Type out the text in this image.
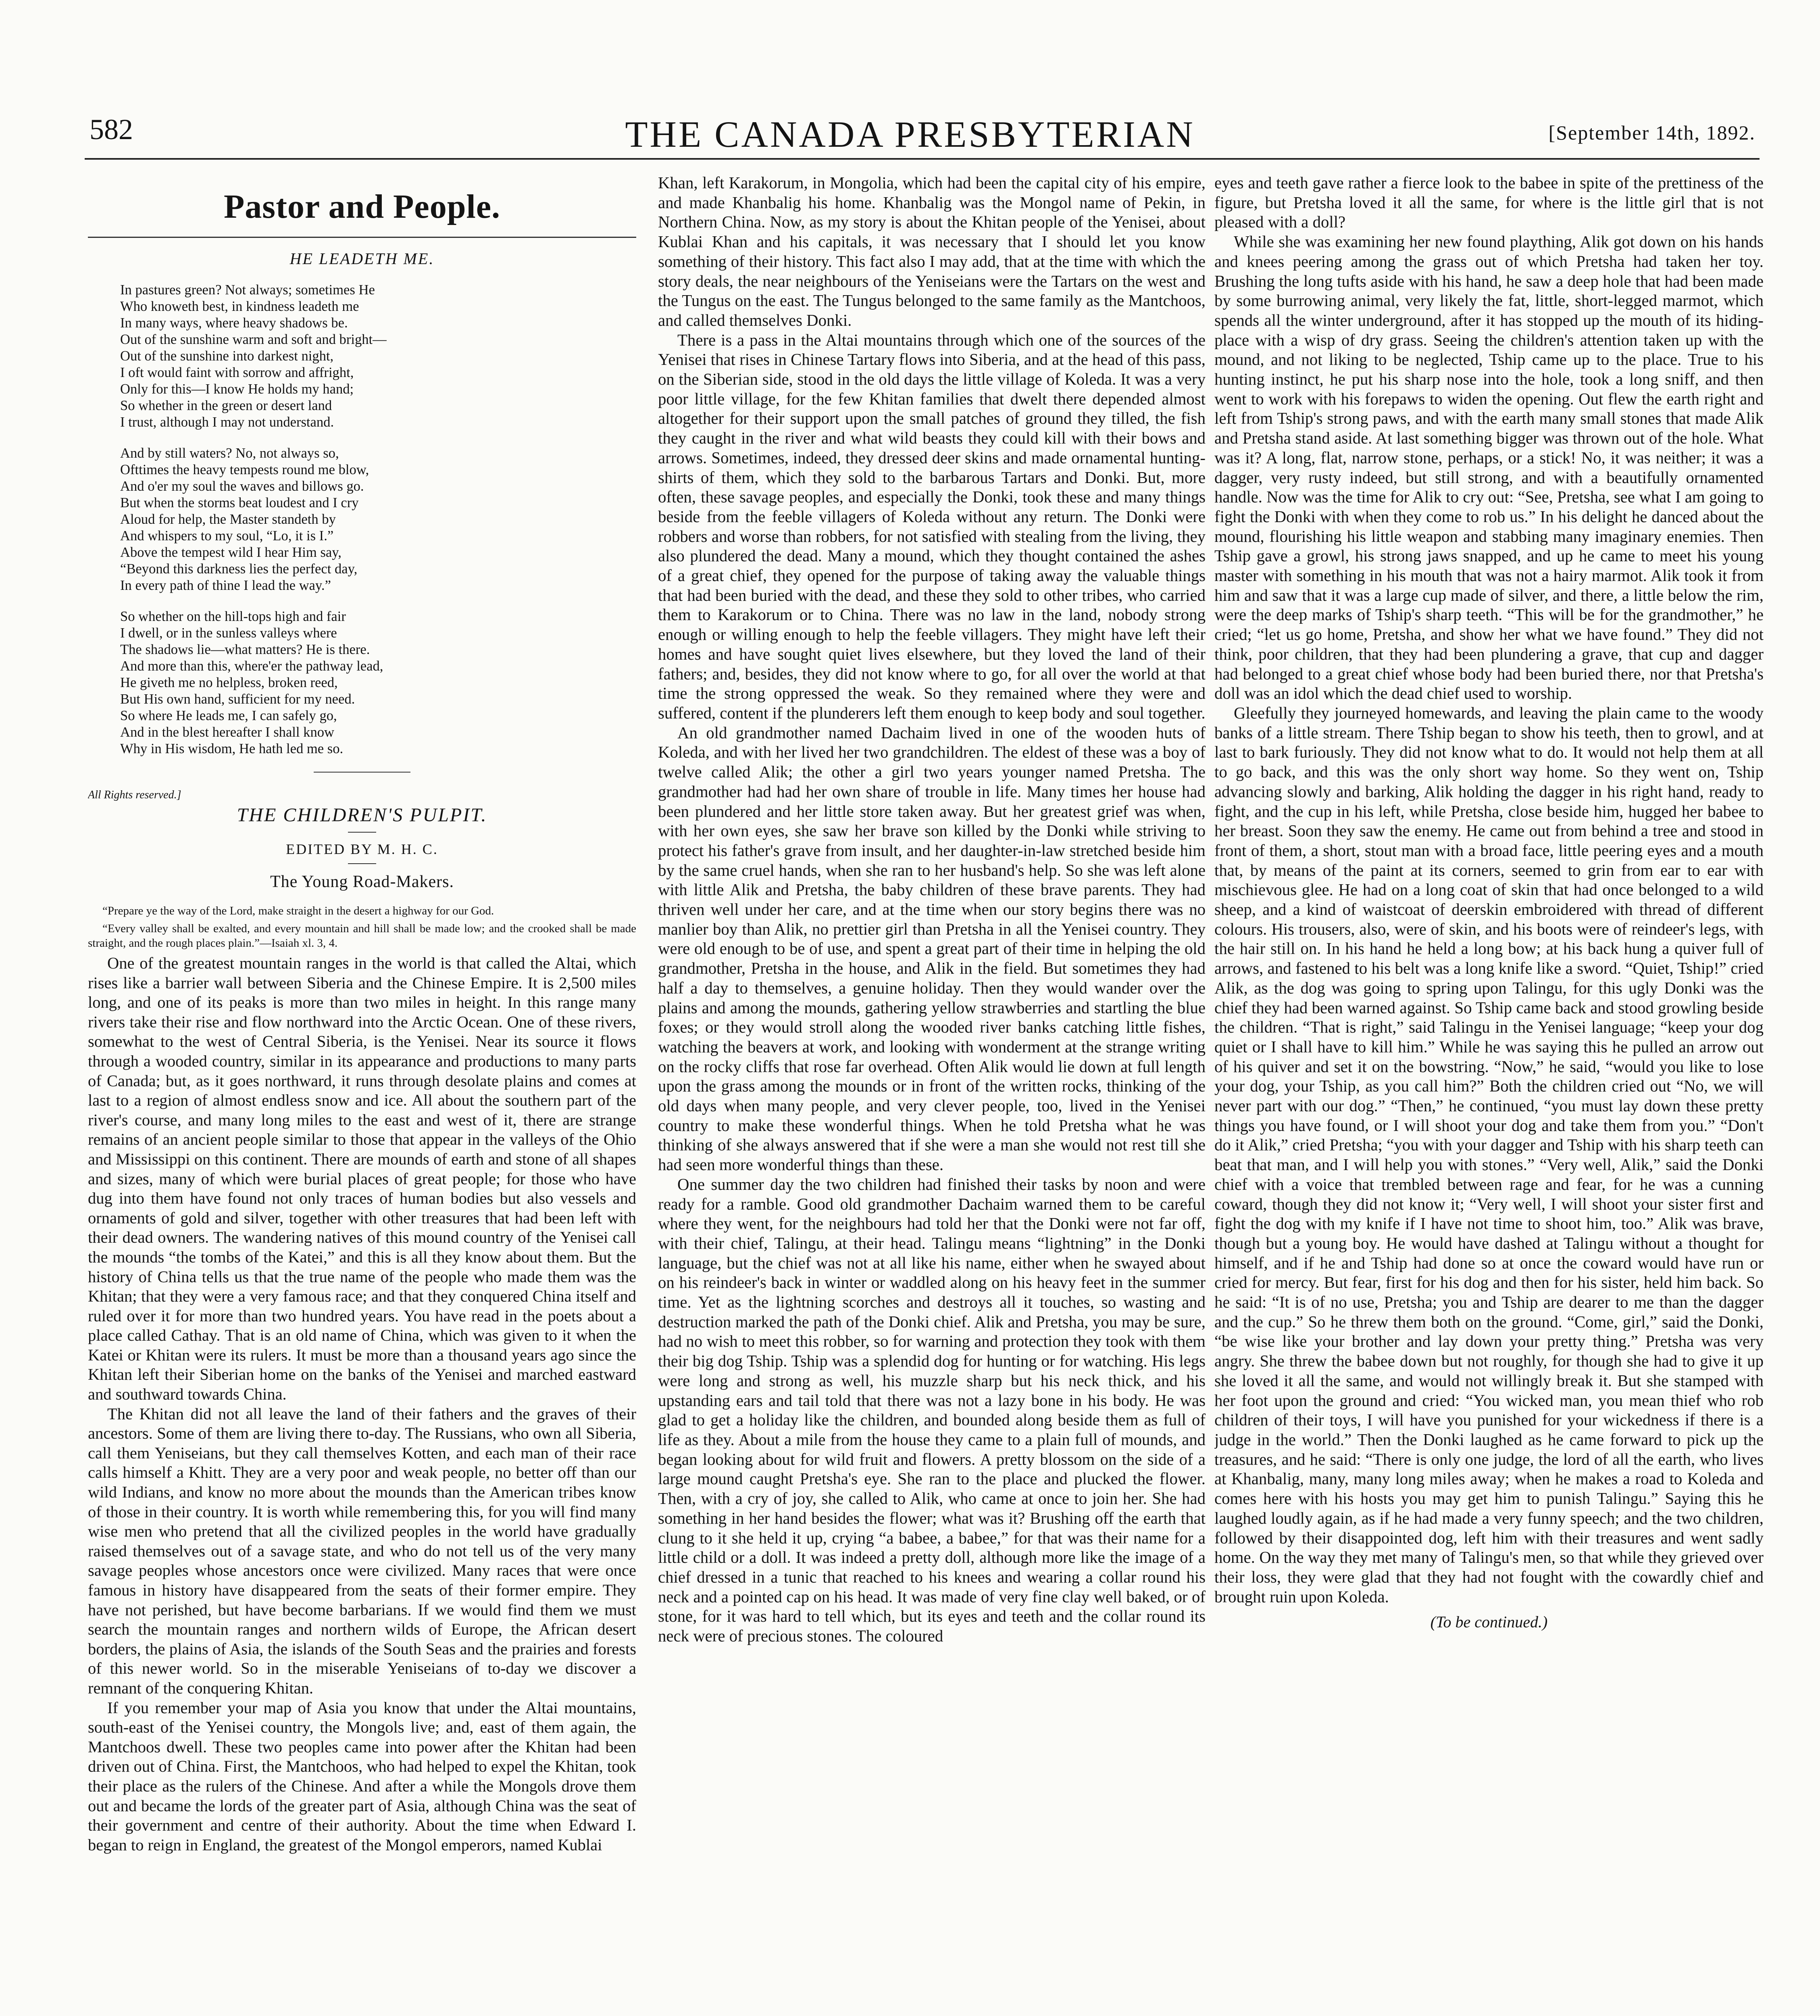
582	THE CANADA PRESBYTERIAN	[September 14th, 1892.
Pastor and People.
HE LEADETH ME.
In pastures green? Not always; sometimes He
Who knoweth best, in kindness leadeth me
In many ways, where heavy shadows be.
Out of the sunshine warm and soft and bright—
Out of the sunshine into darkest night,
I oft would faint with sorrow and affright,
Only for this—I know He holds my hand;
So whether in the green or desert land
I trust, although I may not understand.
And by still waters? No, not always so,
Ofttimes the heavy tempests round me blow,
And o'er my soul the waves and billows go.
But when the storms beat loudest and I cry
Aloud for help, the Master standeth by
And whispers to my soul, “Lo, it is I.”
Above the tempest wild I hear Him say,
“Beyond this darkness lies the perfect day,
In every path of thine I lead the way.”
So whether on the hill-tops high and fair
I dwell, or in the sunless valleys where
The shadows lie—what matters? He is there.
And more than this, where'er the pathway lead,
He giveth me no helpless, broken reed,
But His own hand, sufficient for my need.
So where He leads me, I can safely go,
And in the blest hereafter I shall know
Why in His wisdom, He hath led me so.
All Rights reserved.]
THE CHILDREN'S PULPIT.
EDITED BY M. H. C.
The Young Road-Makers.

“Prepare ye the way of the Lord, make straight in the desert a highway for our God.

“Every valley shall be exalted, and every mountain and hill shall be made low; and the crooked shall be made straight, and the rough places plain.”—Isaiah xl. 3, 4.

One of the greatest mountain ranges in the world is that called the Altai, which rises like a barrier wall between Siberia and the Chinese Empire. It is 2,500 miles long, and one of its peaks is more than two miles in height. In this range many rivers take their rise and flow northward into the Arctic Ocean. One of these rivers, somewhat to the west of Central Siberia, is the Yenisei. Near its source it flows through a wooded country, similar in its appearance and productions to many parts of Canada; but, as it goes northward, it runs through desolate plains and comes at last to a region of almost endless snow and ice. All about the southern part of the river's course, and many long miles to the east and west of it, there are strange remains of an ancient people similar to those that appear in the valleys of the Ohio and Mississippi on this continent. There are mounds of earth and stone of all shapes and sizes, many of which were burial places of great people; for those who have dug into them have found not only traces of human bodies but also vessels and ornaments of gold and silver, together with other treasures that had been left with their dead owners. The wandering natives of this mound country of the Yenisei call the mounds “the tombs of the Katei,” and this is all they know about them. But the history of China tells us that the true name of the people who made them was the Khitan; that they were a very famous race; and that they conquered China itself and ruled over it for more than two hundred years. You have read in the poets about a place called Cathay. That is an old name of China, which was given to it when the Katei or Khitan were its rulers. It must be more than a thousand years ago since the Khitan left their Siberian home on the banks of the Yenisei and marched eastward and southward towards China.

The Khitan did not all leave the land of their fathers and the graves of their ancestors. Some of them are living there to-day. The Russians, who own all Siberia, call them Yeniseians, but they call themselves Kotten, and each man of their race calls himself a Khitt. They are a very poor and weak people, no better off than our wild Indians, and know no more about the mounds than the American tribes know of those in their country. It is worth while remembering this, for you will find many wise men who pretend that all the civilized peoples in the world have gradually raised themselves out of a savage state, and who do not tell us of the very many savage peoples whose ancestors once were civilized. Many races that were once famous in history have disappeared from the seats of their former empire. They have not perished, but have become barbarians. If we would find them we must search the mountain ranges and northern wilds of Europe, the African desert borders, the plains of Asia, the islands of the South Seas and the prairies and forests of this newer world. So in the miserable Yeniseians of to-day we discover a remnant of the conquering Khitan.

If you remember your map of Asia you know that under the Altai mountains, south-east of the Yenisei country, the Mongols live; and, east of them again, the Mantchoos dwell. These two peoples came into power after the Khitan had been driven out of China. First, the Mantchoos, who had helped to expel the Khitan, took their place as the rulers of the Chinese. And after a while the Mongols drove them out and became the lords of the greater part of Asia, although China was the seat of their government and centre of their authority. About the time when Edward I. began to reign in England, the greatest of the Mongol emperors, named Kublai

Khan, left Karakorum, in Mongolia, which had been the capital city of his empire, and made Khanbalig his home. Khanbalig was the Mongol name of Pekin, in Northern China. Now, as my story is about the Khitan people of the Yenisei, about Kublai Khan and his capitals, it was necessary that I should let you know something of their history. This fact also I may add, that at the time with which the story deals, the near neighbours of the Yeniseians were the Tartars on the west and the Tungus on the east. The Tungus belonged to the same family as the Mantchoos, and called themselves Donki.

There is a pass in the Altai mountains through which one of the sources of the Yenisei that rises in Chinese Tartary flows into Siberia, and at the head of this pass, on the Siberian side, stood in the old days the little village of Koleda. It was a very poor little village, for the few Khitan families that dwelt there depended almost altogether for their support upon the small patches of ground they tilled, the fish they caught in the river and what wild beasts they could kill with their bows and arrows. Sometimes, indeed, they dressed deer skins and made ornamental hunting-shirts of them, which they sold to the barbarous Tartars and Donki. But, more often, these savage peoples, and especially the Donki, took these and many things beside from the feeble villagers of Koleda without any return. The Donki were robbers and worse than robbers, for not satisfied with stealing from the living, they also plundered the dead. Many a mound, which they thought contained the ashes of a great chief, they opened for the purpose of taking away the valuable things that had been buried with the dead, and these they sold to other tribes, who carried them to Karakorum or to China. There was no law in the land, nobody strong enough or willing enough to help the feeble villagers. They might have left their homes and have sought quiet lives elsewhere, but they loved the land of their fathers; and, besides, they did not know where to go, for all over the world at that time the strong oppressed the weak. So they remained where they were and suffered, content if the plunderers left them enough to keep body and soul together.

An old grandmother named Dachaim lived in one of the wooden huts of Koleda, and with her lived her two grandchildren. The eldest of these was a boy of twelve called Alik; the other a girl two years younger named Pretsha. The grandmother had had her own share of trouble in life. Many times her house had been plundered and her little store taken away. But her greatest grief was when, with her own eyes, she saw her brave son killed by the Donki while striving to protect his father's grave from insult, and her daughter-in-law stretched beside him by the same cruel hands, when she ran to her husband's help. So she was left alone with little Alik and Pretsha, the baby children of these brave parents. They had thriven well under her care, and at the time when our story begins there was no manlier boy than Alik, no prettier girl than Pretsha in all the Yenisei country. They were old enough to be of use, and spent a great part of their time in helping the old grandmother, Pretsha in the house, and Alik in the field. But sometimes they had half a day to themselves, a genuine holiday. Then they would wander over the plains and among the mounds, gathering yellow strawberries and startling the blue foxes; or they would stroll along the wooded river banks catching little fishes, watching the beavers at work, and looking with wonderment at the strange writing on the rocky cliffs that rose far overhead. Often Alik would lie down at full length upon the grass among the mounds or in front of the written rocks, thinking of the old days when many people, and very clever people, too, lived in the Yenisei country to make these wonderful things. When he told Pretsha what he was thinking of she always answered that if she were a man she would not rest till she had seen more wonderful things than these.

One summer day the two children had finished their tasks by noon and were ready for a ramble. Good old grandmother Dachaim warned them to be careful where they went, for the neighbours had told her that the Donki were not far off, with their chief, Talingu, at their head. Talingu means “lightning” in the Donki language, but the chief was not at all like his name, either when he swayed about on his reindeer's back in winter or waddled along on his heavy feet in the summer time. Yet as the lightning scorches and destroys all it touches, so wasting and destruction marked the path of the Donki chief. Alik and Pretsha, you may be sure, had no wish to meet this robber, so for warning and protection they took with them their big dog Tship. Tship was a splendid dog for hunting or for watching. His legs were long and strong as well, his muzzle sharp but his neck thick, and his upstanding ears and tail told that there was not a lazy bone in his body. He was glad to get a holiday like the children, and bounded along beside them as full of life as they. About a mile from the house they came to a plain full of mounds, and began looking about for wild fruit and flowers. A pretty blossom on the side of a large mound caught Pretsha's eye. She ran to the place and plucked the flower. Then, with a cry of joy, she called to Alik, who came at once to join her. She had something in her hand besides the flower; what was it? Brushing off the earth that clung to it she held it up, crying “a babee, a babee,” for that was their name for a little child or a doll. It was indeed a pretty doll, although more like the image of a chief dressed in a tunic that reached to his knees and wearing a collar round his neck and a pointed cap on his head. It was made of very fine clay well baked, or of stone, for it was hard to tell which, but its eyes and teeth and the collar round its neck were of precious stones. The coloured

eyes and teeth gave rather a fierce look to the babee in spite of the prettiness of the figure, but Pretsha loved it all the same, for where is the little girl that is not pleased with a doll?

While she was examining her new found plaything, Alik got down on his hands and knees peering among the grass out of which Pretsha had taken her toy. Brushing the long tufts aside with his hand, he saw a deep hole that had been made by some burrowing animal, very likely the fat, little, short-legged marmot, which spends all the winter underground, after it has stopped up the mouth of its hiding-place with a wisp of dry grass. Seeing the children's attention taken up with the mound, and not liking to be neglected, Tship came up to the place. True to his hunting instinct, he put his sharp nose into the hole, took a long sniff, and then went to work with his forepaws to widen the opening. Out flew the earth right and left from Tship's strong paws, and with the earth many small stones that made Alik and Pretsha stand aside. At last something bigger was thrown out of the hole. What was it? A long, flat, narrow stone, perhaps, or a stick! No, it was neither; it was a dagger, very rusty indeed, but still strong, and with a beautifully ornamented handle. Now was the time for Alik to cry out: “See, Pretsha, see what I am going to fight the Donki with when they come to rob us.” In his delight he danced about the mound, flourishing his little weapon and stabbing many imaginary enemies. Then Tship gave a growl, his strong jaws snapped, and up he came to meet his young master with something in his mouth that was not a hairy marmot. Alik took it from him and saw that it was a large cup made of silver, and there, a little below the rim, were the deep marks of Tship's sharp teeth. “This will be for the grandmother,” he cried; “let us go home, Pretsha, and show her what we have found.” They did not think, poor children, that they had been plundering a grave, that cup and dagger had belonged to a great chief whose body had been buried there, nor that Pretsha's doll was an idol which the dead chief used to worship.

Gleefully they journeyed homewards, and leaving the plain came to the woody banks of a little stream. There Tship began to show his teeth, then to growl, and at last to bark furiously. They did not know what to do. It would not help them at all to go back, and this was the only short way home. So they went on, Tship advancing slowly and barking, Alik holding the dagger in his right hand, ready to fight, and the cup in his left, while Pretsha, close beside him, hugged her babee to her breast. Soon they saw the enemy. He came out from behind a tree and stood in front of them, a short, stout man with a broad face, little peering eyes and a mouth that, by means of the paint at its corners, seemed to grin from ear to ear with mischievous glee. He had on a long coat of skin that had once belonged to a wild sheep, and a kind of waistcoat of deerskin embroidered with thread of different colours. His trousers, also, were of skin, and his boots were of reindeer's legs, with the hair still on. In his hand he held a long bow; at his back hung a quiver full of arrows, and fastened to his belt was a long knife like a sword. “Quiet, Tship!” cried Alik, as the dog was going to spring upon Talingu, for this ugly Donki was the chief they had been warned against. So Tship came back and stood growling beside the children. “That is right,” said Talingu in the Yenisei language; “keep your dog quiet or I shall have to kill him.” While he was saying this he pulled an arrow out of his quiver and set it on the bowstring. “Now,” he said, “would you like to lose your dog, your Tship, as you call him?” Both the children cried out “No, we will never part with our dog.” “Then,” he continued, “you must lay down these pretty things you have found, or I will shoot your dog and take them from you.” “Don't do it Alik,” cried Pretsha; “you with your dagger and Tship with his sharp teeth can beat that man, and I will help you with stones.” “Very well, Alik,” said the Donki chief with a voice that trembled between rage and fear, for he was a cunning coward, though they did not know it; “Very well, I will shoot your sister first and fight the dog with my knife if I have not time to shoot him, too.” Alik was brave, though but a young boy. He would have dashed at Talingu without a thought for himself, and if he and Tship had done so at once the coward would have run or cried for mercy. But fear, first for his dog and then for his sister, held him back. So he said: “It is of no use, Pretsha; you and Tship are dearer to me than the dagger and the cup.” So he threw them both on the ground. “Come, girl,” said the Donki, “be wise like your brother and lay down your pretty thing.” Pretsha was very angry. She threw the babee down but not roughly, for though she had to give it up she loved it all the same, and would not willingly break it. But she stamped with her foot upon the ground and cried: “You wicked man, you mean thief who rob children of their toys, I will have you punished for your wickedness if there is a judge in the world.” Then the Donki laughed as he came forward to pick up the treasures, and he said: “There is only one judge, the lord of all the earth, who lives at Khanbalig, many, many long miles away; when he makes a road to Koleda and comes here with his hosts you may get him to punish Talingu.” Saying this he laughed loudly again, as if he had made a very funny speech; and the two children, followed by their disappointed dog, left him with their treasures and went sadly home. On the way they met many of Talingu's men, so that while they grieved over their loss, they were glad that they had not fought with the cowardly chief and brought ruin upon Koleda.

(To be continued.)
